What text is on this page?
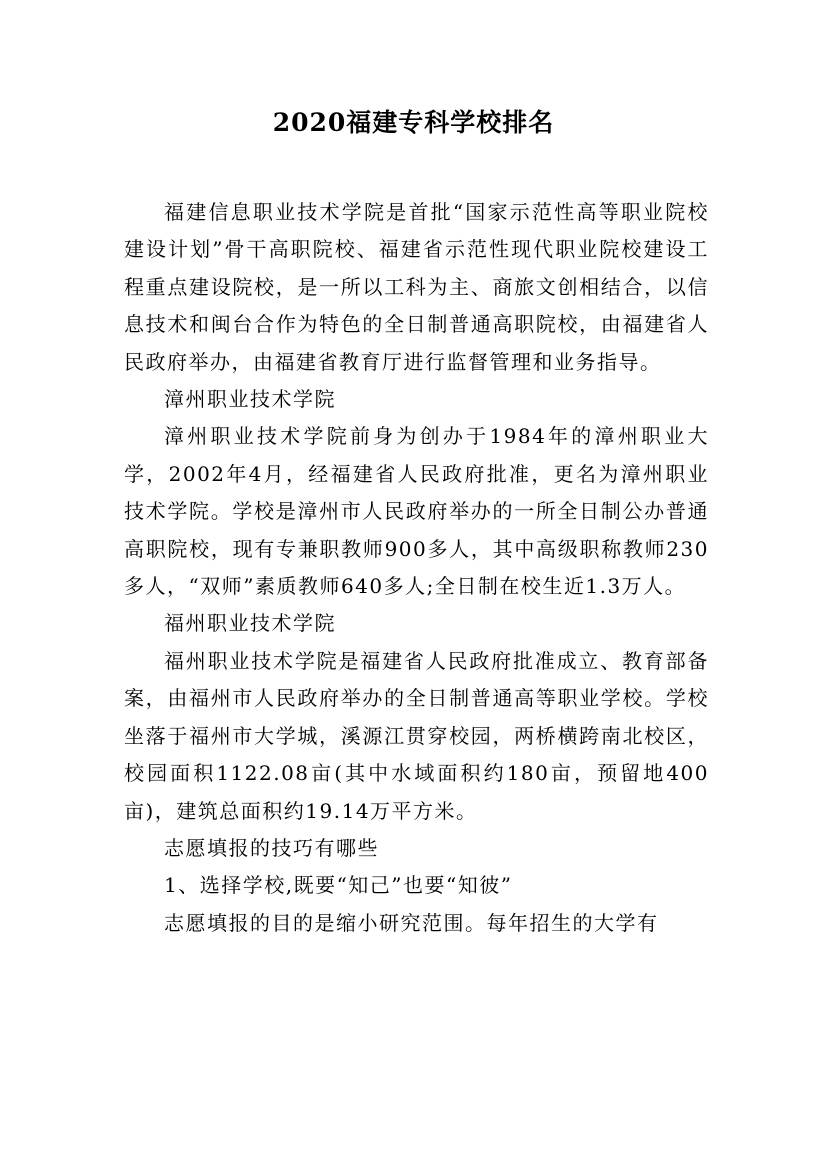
2020福建专科学校排名

福建信息职业技术学院是首批“国家示范性高等职业院校建设计划”骨干高职院校、福建省示范性现代职业院校建设工程重点建设院校，是一所以工科为主、商旅文创相结合，以信息技术和闽台合作为特色的全日制普通高职院校，由福建省人民政府举办，由福建省教育厅进行监督管理和业务指导。

漳州职业技术学院

漳州职业技术学院前身为创办于1984年的漳州职业大学，2002年4月，经福建省人民政府批准，更名为漳州职业技术学院。学校是漳州市人民政府举办的一所全日制公办普通高职院校，现有专兼职教师900多人，其中高级职称教师230多人，“双师”素质教师640多人;全日制在校生近1.3万人。

福州职业技术学院

福州职业技术学院是福建省人民政府批准成立、教育部备案，由福州市人民政府举办的全日制普通高等职业学校。学校坐落于福州市大学城，溪源江贯穿校园，两桥横跨南北校区，校园面积1122.08亩(其中水域面积约180亩，预留地400亩)，建筑总面积约19.14万平方米。

志愿填报的技巧有哪些

1、选择学校,既要“知己”也要“知彼”

志愿填报的目的是缩小研究范围。每年招生的大学有
